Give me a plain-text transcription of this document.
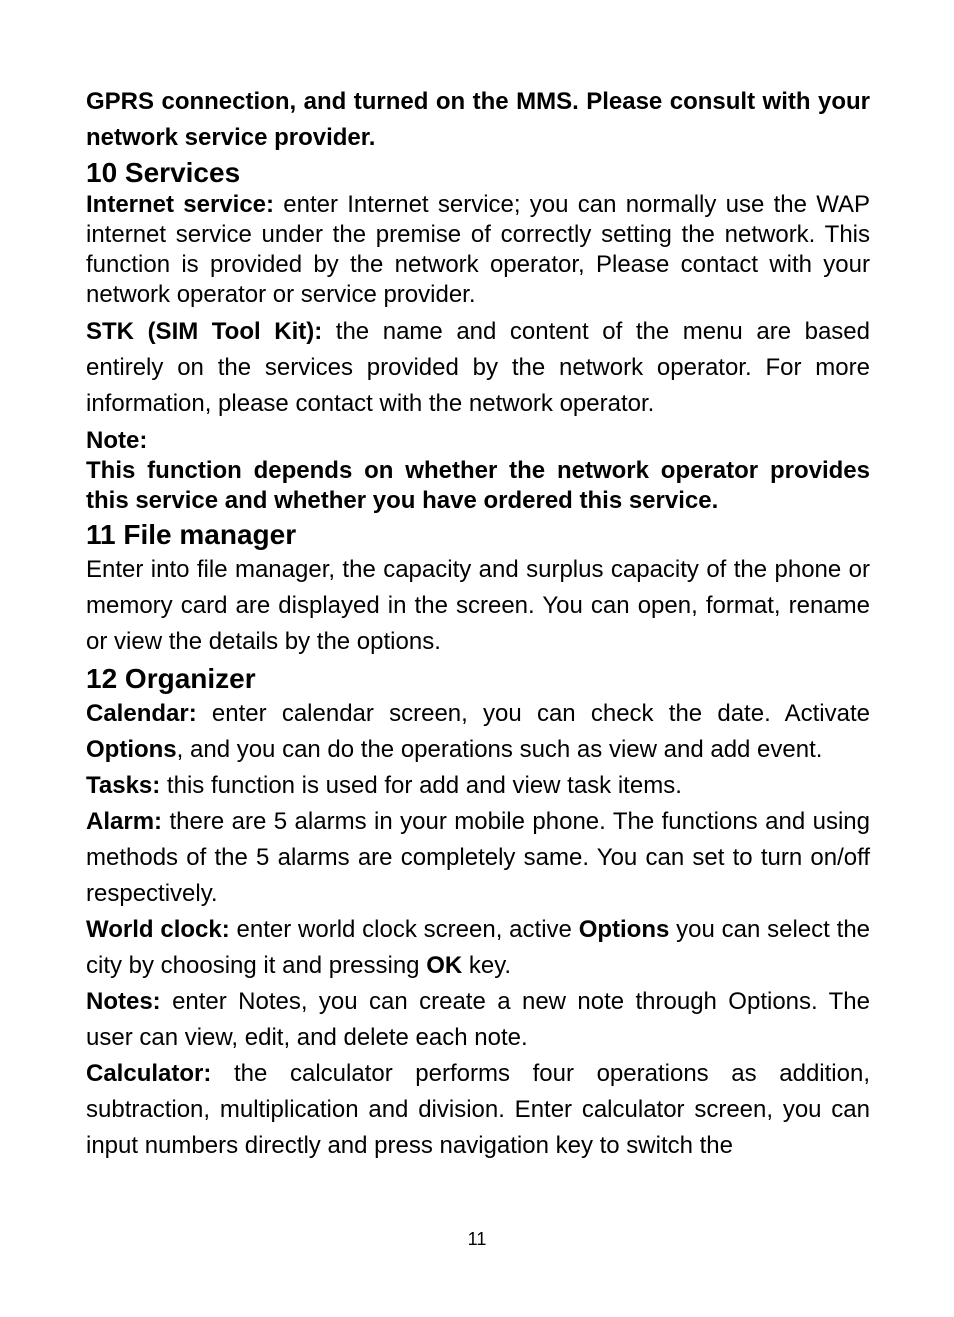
GPRS connection, and turned on the MMS. Please consult with your network service provider.

10 Services

Internet service: enter Internet service; you can normally use the WAP internet service under the premise of correctly setting the network. This function is provided by the network operator, Please contact with your network operator or service provider.

STK (SIM Tool Kit): the name and content of the menu are based entirely on the services provided by the network operator. For more information, please contact with the network operator.

Note:

This function depends on whether the network operator provides this service and whether you have ordered this service.

11 File manager

Enter into file manager, the capacity and surplus capacity of the phone or memory card are displayed in the screen. You can open, format, rename or view the details by the options.

12 Organizer

Calendar: enter calendar screen, you can check the date. Activate Options, and you can do the operations such as view and add event.

Tasks: this function is used for add and view task items.

Alarm: there are 5 alarms in your mobile phone. The functions and using methods of the 5 alarms are completely same. You can set to turn on/off respectively.

World clock: enter world clock screen, active Options you can select the city by choosing it and pressing OK key.

Notes: enter Notes, you can create a new note through Options. The user can view, edit, and delete each note.

Calculator: the calculator performs four operations as addition, subtraction, multiplication and division. Enter calculator screen, you can input numbers directly and press navigation key to switch the

11
